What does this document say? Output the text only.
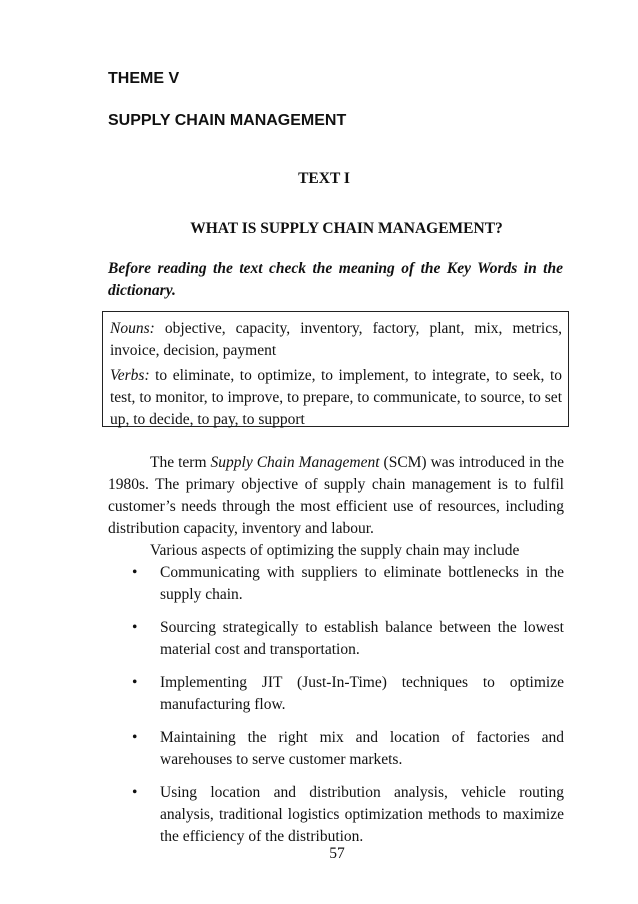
THEME V
SUPPLY CHAIN MANAGEMENT
TEXT I
WHAT IS SUPPLY CHAIN MANAGEMENT?
Before reading the text check the meaning of the Key Words in the dictionary.

Nouns: objective, capacity, inventory, factory, plant, mix, metrics, invoice, decision, payment

Verbs: to eliminate, to optimize, to implement, to integrate, to seek, to test, to monitor, to improve, to prepare, to communicate, to source, to set up, to decide, to pay, to support

The term Supply Chain Management (SCM) was introduced in the 1980s. The primary objective of supply chain management is to fulfil customer’s needs through the most efficient use of resources, including distribution capacity, inventory and labour.

Various aspects of optimizing the supply chain may include

• Communicating with suppliers to eliminate bottlenecks in the supply chain.
• Sourcing strategically to establish balance between the lowest material cost and transportation.
• Implementing JIT (Just-In-Time) techniques to optimize manufacturing flow.
• Maintaining the right mix and location of factories and warehouses to serve customer markets.
• Using location and distribution analysis, vehicle routing analysis, traditional logistics optimization methods to maximize the efficiency of the distribution.
57
